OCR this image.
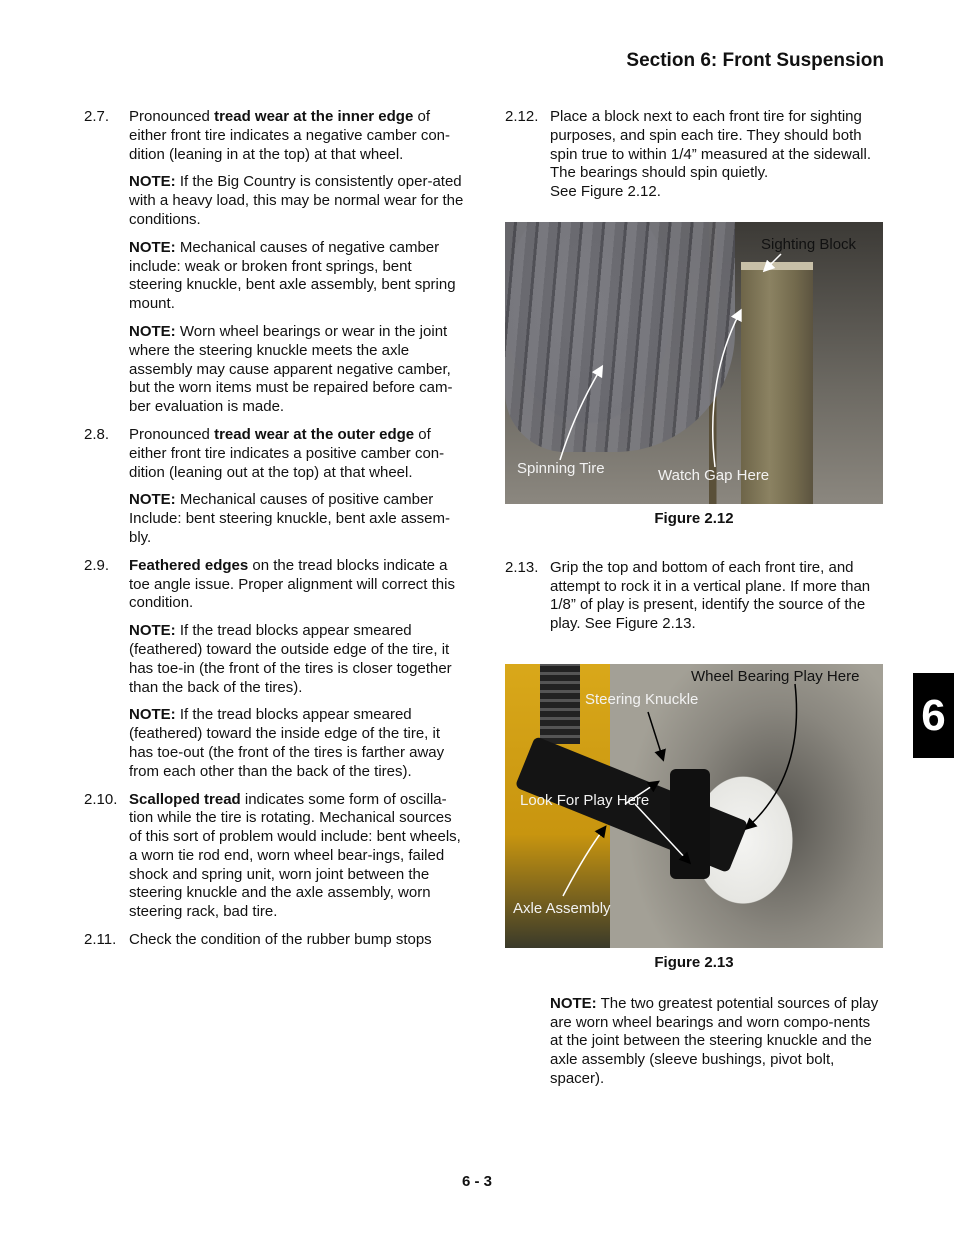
Section 6: Front Suspension
2.7. Pronounced tread wear at the inner edge of either front tire indicates a negative camber con-dition (leaning in at the top) at that wheel.
NOTE: If the Big Country is consistently oper-ated with a heavy load, this may be normal wear for the conditions.
NOTE: Mechanical causes of negative camber include: weak or broken front springs, bent steering knuckle, bent axle assembly, bent spring mount.
NOTE: Worn wheel bearings or wear in the joint where the steering knuckle meets the axle assembly may cause apparent negative camber, but the worn items must be repaired before cam-ber evaluation is made.
2.8. Pronounced tread wear at the outer edge of either front tire indicates a positive camber con-dition (leaning out at the top) at that wheel.
NOTE: Mechanical causes of positive camber Include: bent steering knuckle, bent axle assem-bly.
2.9. Feathered edges on the tread blocks indicate a toe angle issue. Proper alignment will correct this condition.
NOTE: If the tread blocks appear smeared (feathered) toward the outside edge of the tire, it has toe-in (the front of the tires is closer together than the back of the tires).
NOTE: If the tread blocks appear smeared (feathered) toward the inside edge of the tire, it has toe-out (the front of the tires is farther away from each other than the back of the tires).
2.10. Scalloped tread indicates some form of oscilla-tion while the tire is rotating. Mechanical sources of this sort of problem would include: bent wheels, a worn tie rod end, worn wheel bear-ings, failed shock and spring unit, worn joint between the steering knuckle and the axle assembly, worn steering rack, bad tire.
2.11. Check the condition of the rubber bump stops
2.12. Place a block next to each front tire for sighting purposes, and spin each tire. They should both spin true to within 1/4” measured at the sidewall. The bearings should spin quietly.
See Figure 2.12.
Sighting Block
Spinning Tire	Watch Gap Here
Figure 2.12
2.13. Grip the top and bottom of each front tire, and attempt to rock it in a vertical plane. If more than 1/8” of play is present, identify the source of the play. See Figure 2.13.
Wheel Bearing Play Here
Steering Knuckle
Look For Play Here
Axle Assembly
Figure 2.13
NOTE: The two greatest potential sources of play are worn wheel bearings and worn compo-nents at the joint between the steering knuckle and the axle assembly (sleeve bushings, pivot bolt, spacer).
6
6 - 3
